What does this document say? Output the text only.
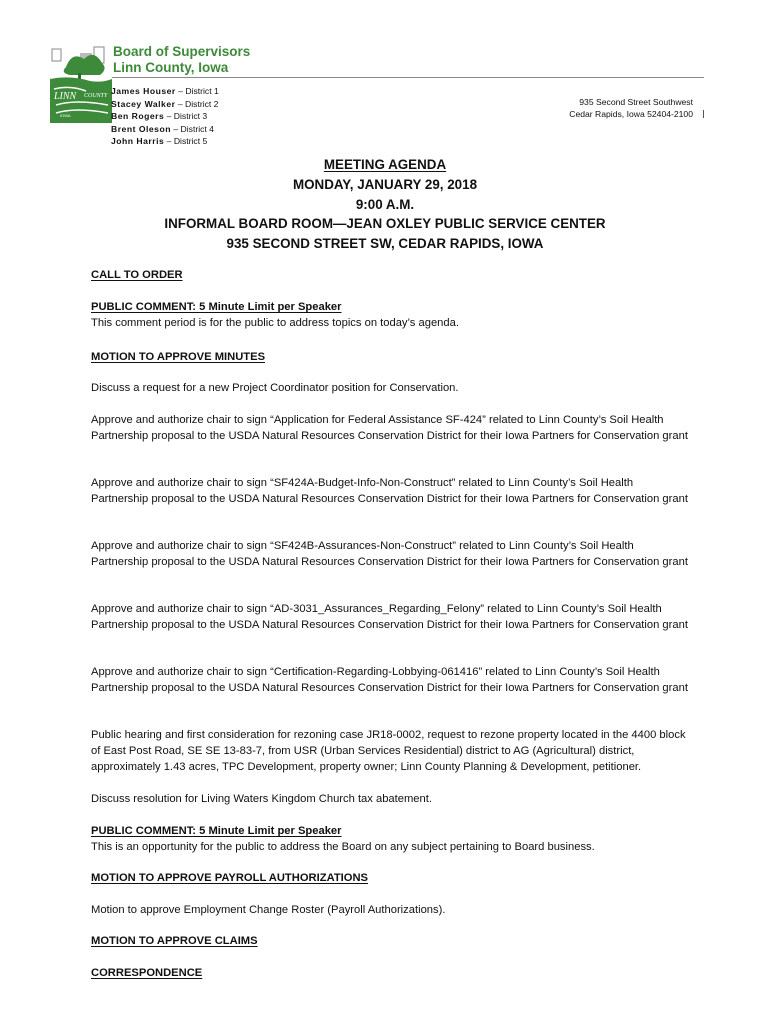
LINN COUNTY
IOWA
Board of Supervisors
Linn County, Iowa
James Houser – District 1
Stacey Walker – District 2
Ben Rogers – District 3
Brent Oleson – District 4
John Harris – District 5
935 Second Street Southwest
Cedar Rapids, Iowa 52404-2100
MEETING AGENDA
MONDAY, JANUARY 29, 2018
9:00 A.M.
INFORMAL BOARD ROOM—JEAN OXLEY PUBLIC SERVICE CENTER
935 SECOND STREET SW, CEDAR RAPIDS, IOWA
CALL TO ORDER
PUBLIC COMMENT: 5 Minute Limit per Speaker
This comment period is for the public to address topics on today’s agenda.
MOTION TO APPROVE MINUTES
Discuss a request for a new Project Coordinator position for Conservation.
Approve and authorize chair to sign “Application for Federal Assistance SF-424” related to Linn County’s Soil Health Partnership proposal to the USDA Natural Resources Conservation District for their Iowa Partners for Conservation grant
Approve and authorize chair to sign “SF424A-Budget-Info-Non-Construct” related to Linn County’s Soil Health Partnership proposal to the USDA Natural Resources Conservation District for their Iowa Partners for Conservation grant
Approve and authorize chair to sign “SF424B-Assurances-Non-Construct” related to Linn County’s Soil Health Partnership proposal to the USDA Natural Resources Conservation District for their Iowa Partners for Conservation grant
Approve and authorize chair to sign “AD-3031_Assurances_Regarding_Felony” related to Linn County’s Soil Health Partnership proposal to the USDA Natural Resources Conservation District for their Iowa Partners for Conservation grant
Approve and authorize chair to sign “Certification-Regarding-Lobbying-061416” related to Linn County’s Soil Health Partnership proposal to the USDA Natural Resources Conservation District for their Iowa Partners for Conservation grant
Public hearing and first consideration for rezoning case JR18-0002, request to rezone property located in the 4400 block of East Post Road, SE SE 13-83-7, from USR (Urban Services Residential) district to AG (Agricultural) district, approximately 1.43 acres, TPC Development, property owner; Linn County Planning & Development, petitioner.
Discuss resolution for Living Waters Kingdom Church tax abatement.
PUBLIC COMMENT: 5 Minute Limit per Speaker
This is an opportunity for the public to address the Board on any subject pertaining to Board business.
MOTION TO APPROVE PAYROLL AUTHORIZATIONS
Motion to approve Employment Change Roster (Payroll Authorizations).
MOTION TO APPROVE CLAIMS
CORRESPONDENCE
